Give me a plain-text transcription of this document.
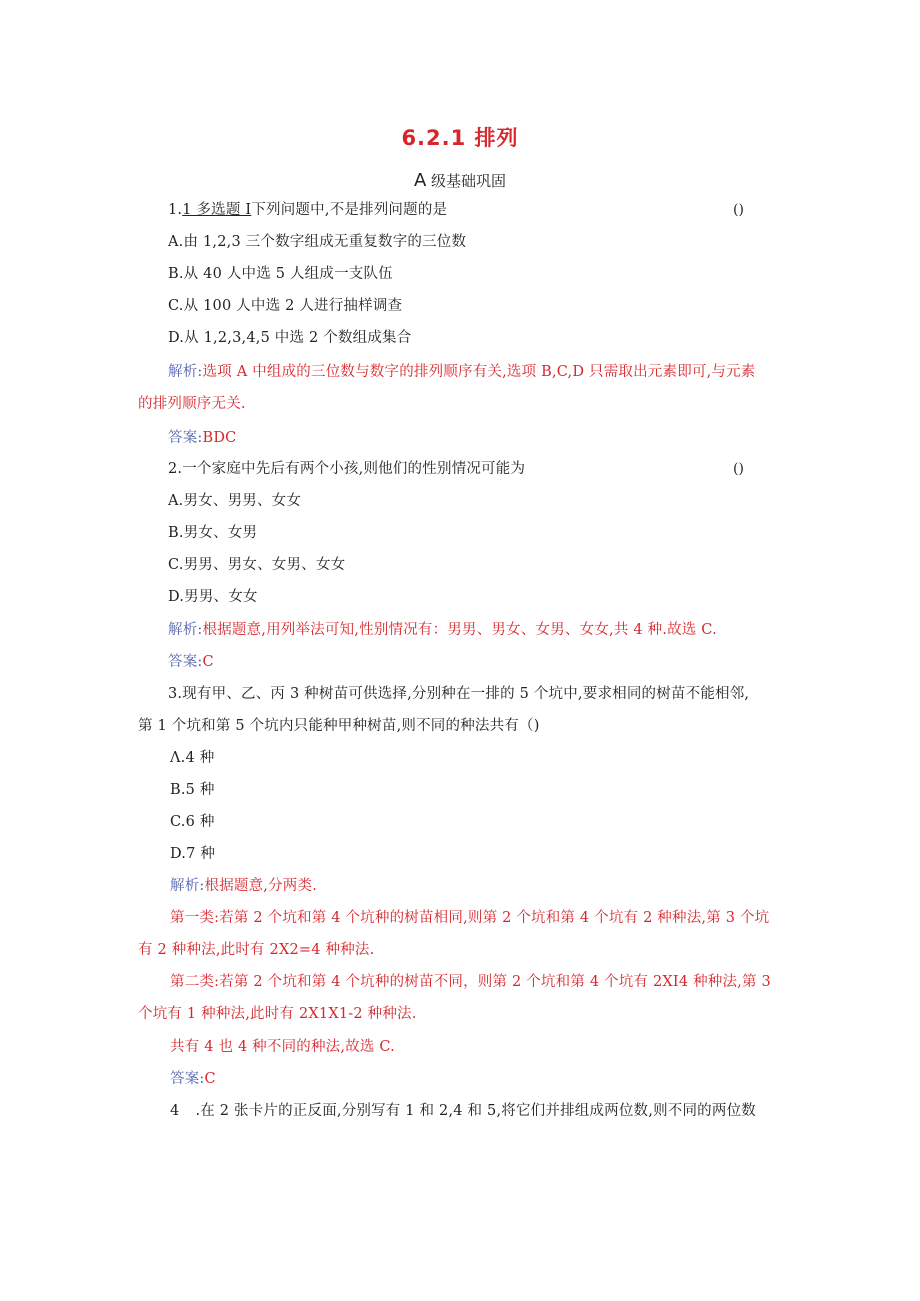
6.2.1 排列
A 级基础巩固
1.1 多选题 I下列问题中,不是排列问题的是	()
A.由 1,2,3 三个数字组成无重复数字的三位数
B.从 40 人中选 5 人组成一支队伍
C.从 100 人中选 2 人进行抽样调查
D.从 1,2,3,4,5 中选 2 个数组成集合
解析:选项 A 中组成的三位数与数字的排列顺序有关,选项 B,C,D 只需取出元素即可,与元素
的排列顺序无关.
答案:BDC
2.一个家庭中先后有两个小孩,则他们的性别情况可能为	()
A.男女、男男、女女
B.男女、女男
C.男男、男女、女男、女女
D.男男、女女
解析:根据题意,用列举法可知,性别情况有：男男、男女、女男、女女,共 4 种.故选 C.
答案:C
3.现有甲、乙、丙 3 种树苗可供选择,分别种在一排的 5 个坑中,要求相同的树苗不能相邻,
第 1 个坑和第 5 个坑内只能种甲种树苗,则不同的种法共有（)
Λ.4 种
B.5 种
C.6 种
D.7 种
解析:根据题意,分两类.
第一类:若第 2 个坑和第 4 个坑种的树苗相同,则第 2 个坑和第 4 个坑有 2 种种法,第 3 个坑
有 2 种种法,此时有 2X2=4 种种法.
第二类:若第 2 个坑和第 4 个坑种的树苗不同，则第 2 个坑和第 4 个坑有 2XI4 种种法,第 3
个坑有 1 种种法,此时有 2X1X1-2 种种法.
共有 4 也 4 种不同的种法,故选 C.
答案:C
4 .在 2 张卡片的正反面,分别写有 1 和 2,4 和 5,将它们并排组成两位数,则不同的两位数
